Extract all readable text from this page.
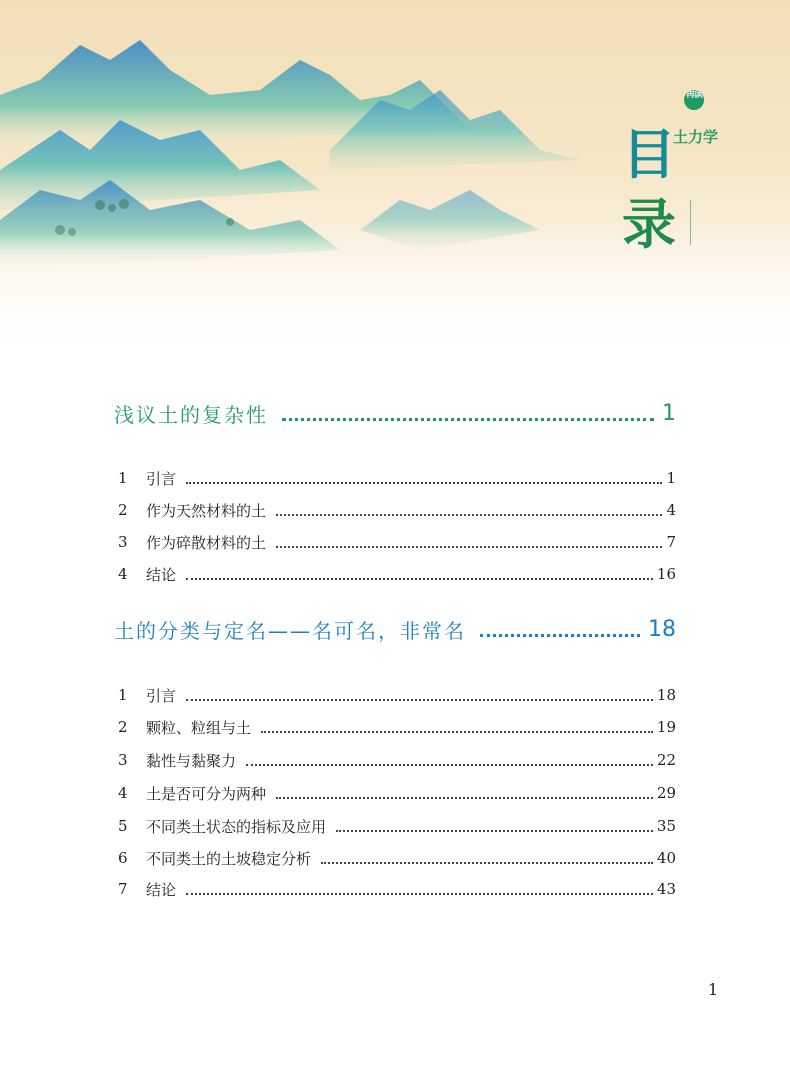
再读
土力学
目
录
浅议土的复杂性	1
1	引言	1
2	作为天然材料的土	4
3	作为碎散材料的土	7
4	结论	16
土的分类与定名——名可名，非常名	18
1	引言	18
2	颗粒、粒组与土	19
3	黏性与黏聚力	22
4	土是否可分为两种	29
5	不同类土状态的指标及应用	35
6	不同类土的土坡稳定分析	40
7	结论	43
1
